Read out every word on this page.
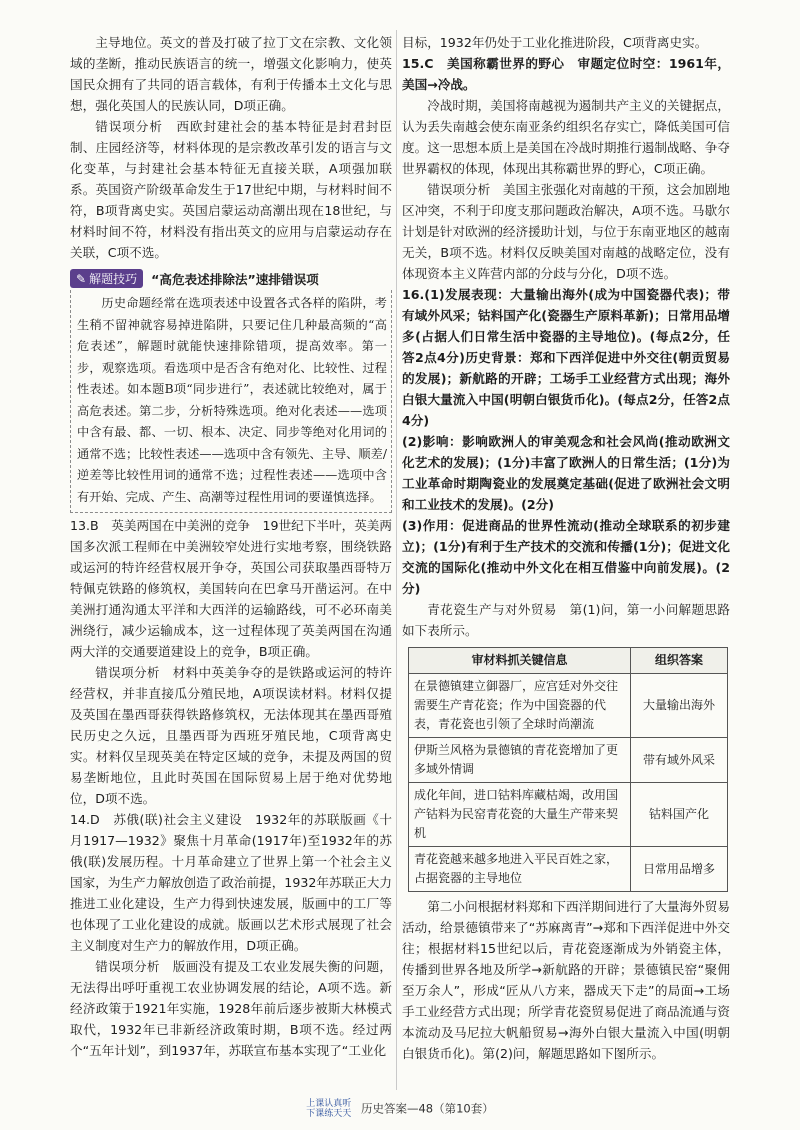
主导地位。英文的普及打破了拉丁文在宗教、文化领域的垄断，推动民族语言的统一，增强文化影响力，使英国民众拥有了共同的语言载体，有利于传播本土文化与思想，强化英国人的民族认同，D项正确。

错误项分析　西欧封建社会的基本特征是封君封臣制、庄园经济等，材料体现的是宗教改革引发的语言与文化变革，与封建社会基本特征无直接关联，A项强加联系。英国资产阶级革命发生于17世纪中期，与材料时间不符，B项背离史实。英国启蒙运动高潮出现在18世纪，与材料时间不符，材料没有指出英文的应用与启蒙运动存在关联，C项不选。

✎ 解题技巧 “高危表述排除法”速排错误项

历史命题经常在选项表述中设置各式各样的陷阱，考生稍不留神就容易掉进陷阱，只要记住几种最高频的“高危表述”，解题时就能快速排除错项，提高效率。第一步，观察选项。看选项中是否含有绝对化、比较性、过程性表述。如本题B项“同步进行”，表述就比较绝对，属于高危表述。第二步，分析特殊选项。绝对化表述——选项中含有最、都、一切、根本、决定、同步等绝对化用词的通常不选；比较性表述——选项中含有领先、主导、顺差/逆差等比较性用词的通常不选；过程性表述——选项中含有开始、完成、产生、高潮等过程性用词的要谨慎选择。

13.B　英美两国在中美洲的竞争　19世纪下半叶，英美两国多次派工程师在中美洲较窄处进行实地考察，围绕铁路或运河的特许经营权展开争夺，英国公司获取墨西哥特万特佩克铁路的修筑权，美国转向在巴拿马开凿运河。在中美洲打通沟通太平洋和大西洋的运输路线，可不必环南美洲绕行，减少运输成本，这一过程体现了英美两国在沟通两大洋的交通要道建设上的竞争，B项正确。

错误项分析　材料中英美争夺的是铁路或运河的特许经营权，并非直接瓜分殖民地，A项误读材料。材料仅提及英国在墨西哥获得铁路修筑权，无法体现其在墨西哥殖民历史之久远，且墨西哥为西班牙殖民地，C项背离史实。材料仅呈现英美在特定区域的竞争，未提及两国的贸易垄断地位，且此时英国在国际贸易上居于绝对优势地位，D项不选。

14.D　苏俄(联)社会主义建设　1932年的苏联版画《十月1917—1932》聚焦十月革命(1917年)至1932年的苏俄(联)发展历程。十月革命建立了世界上第一个社会主义国家，为生产力解放创造了政治前提，1932年苏联正大力推进工业化建设，生产力得到快速发展，版画中的工厂等也体现了工业化建设的成就。版画以艺术形式展现了社会主义制度对生产力的解放作用，D项正确。

错误项分析　版画没有提及工农业发展失衡的问题，无法得出呼吁重视工农业协调发展的结论，A项不选。新经济政策于1921年实施，1928年前后逐步被斯大林模式取代，1932年已非新经济政策时期，B项不选。经过两个“五年计划”，到1937年，苏联宣布基本实现了“工业化

目标，1932年仍处于工业化推进阶段，C项背离史实。

15.C　美国称霸世界的野心　审题定位时空：1961年，美国→冷战。

冷战时期，美国将南越视为遏制共产主义的关键据点，认为丢失南越会使东南亚条约组织名存实亡，降低美国可信度。这一思想本质上是美国在冷战时期推行遏制战略、争夺世界霸权的体现，体现出其称霸世界的野心，C项正确。

错误项分析　美国主张强化对南越的干预，这会加剧地区冲突，不利于印度支那问题政治解决，A项不选。马歇尔计划是针对欧洲的经济援助计划，与位于东南亚地区的越南无关，B项不选。材料仅反映美国对南越的战略定位，没有体现资本主义阵营内部的分歧与分化，D项不选。

16.(1)发展表现：大量输出海外(成为中国瓷器代表)；带有域外风采；钴料国产化(瓷器生产原料革新)；日常用品增多(占据人们日常生活中瓷器的主导地位)。(每点2分，任答2点4分)历史背景：郑和下西洋促进中外交往(朝贡贸易的发展)；新航路的开辟；工场手工业经营方式出现；海外白银大量流入中国(明朝白银货币化)。(每点2分，任答2点4分)

(2)影响：影响欧洲人的审美观念和社会风尚(推动欧洲文化艺术的发展)；(1分)丰富了欧洲人的日常生活；(1分)为工业革命时期陶瓷业的发展奠定基础(促进了欧洲社会文明和工业技术的发展)。(2分)

(3)作用：促进商品的世界性流动(推动全球联系的初步建立)；(1分)有利于生产技术的交流和传播(1分)；促进文化交流的国际化(推动中外文化在相互借鉴中向前发展)。(2分)

青花瓷生产与对外贸易　第(1)问，第一小问解题思路如下表所示。

审材料抓关键信息	组织答案
在景德镇建立御器厂，应宫廷对外交往需要生产青花瓷；作为中国瓷器的代表，青花瓷也引领了全球时尚潮流	大量输出海外
伊斯兰风格为景德镇的青花瓷增加了更多域外情调	带有域外风采
成化年间，进口钴料库藏枯竭，改用国产钴料为民窑青花瓷的大量生产带来契机	钴料国产化
青花瓷越来越多地进入平民百姓之家，占据瓷器的主导地位	日常用品增多

第二小问根据材料郑和下西洋期间进行了大量海外贸易活动，给景德镇带来了“苏麻离青”→郑和下西洋促进中外交往；根据材料15世纪以后，青花瓷逐渐成为外销瓷主体，传播到世界各地及所学→新航路的开辟；景德镇民窑“聚佣至万余人”，形成“匠从八方来，器成天下走”的局面→工场手工业经营方式出现；所学青花瓷贸易促进了商品流通与资本流动及马尼拉大帆船贸易→海外白银大量流入中国(明朝白银货币化)。第(2)问，解题思路如下图所示。

上课认真听
下课练天天 历史答案—48（第10套）
